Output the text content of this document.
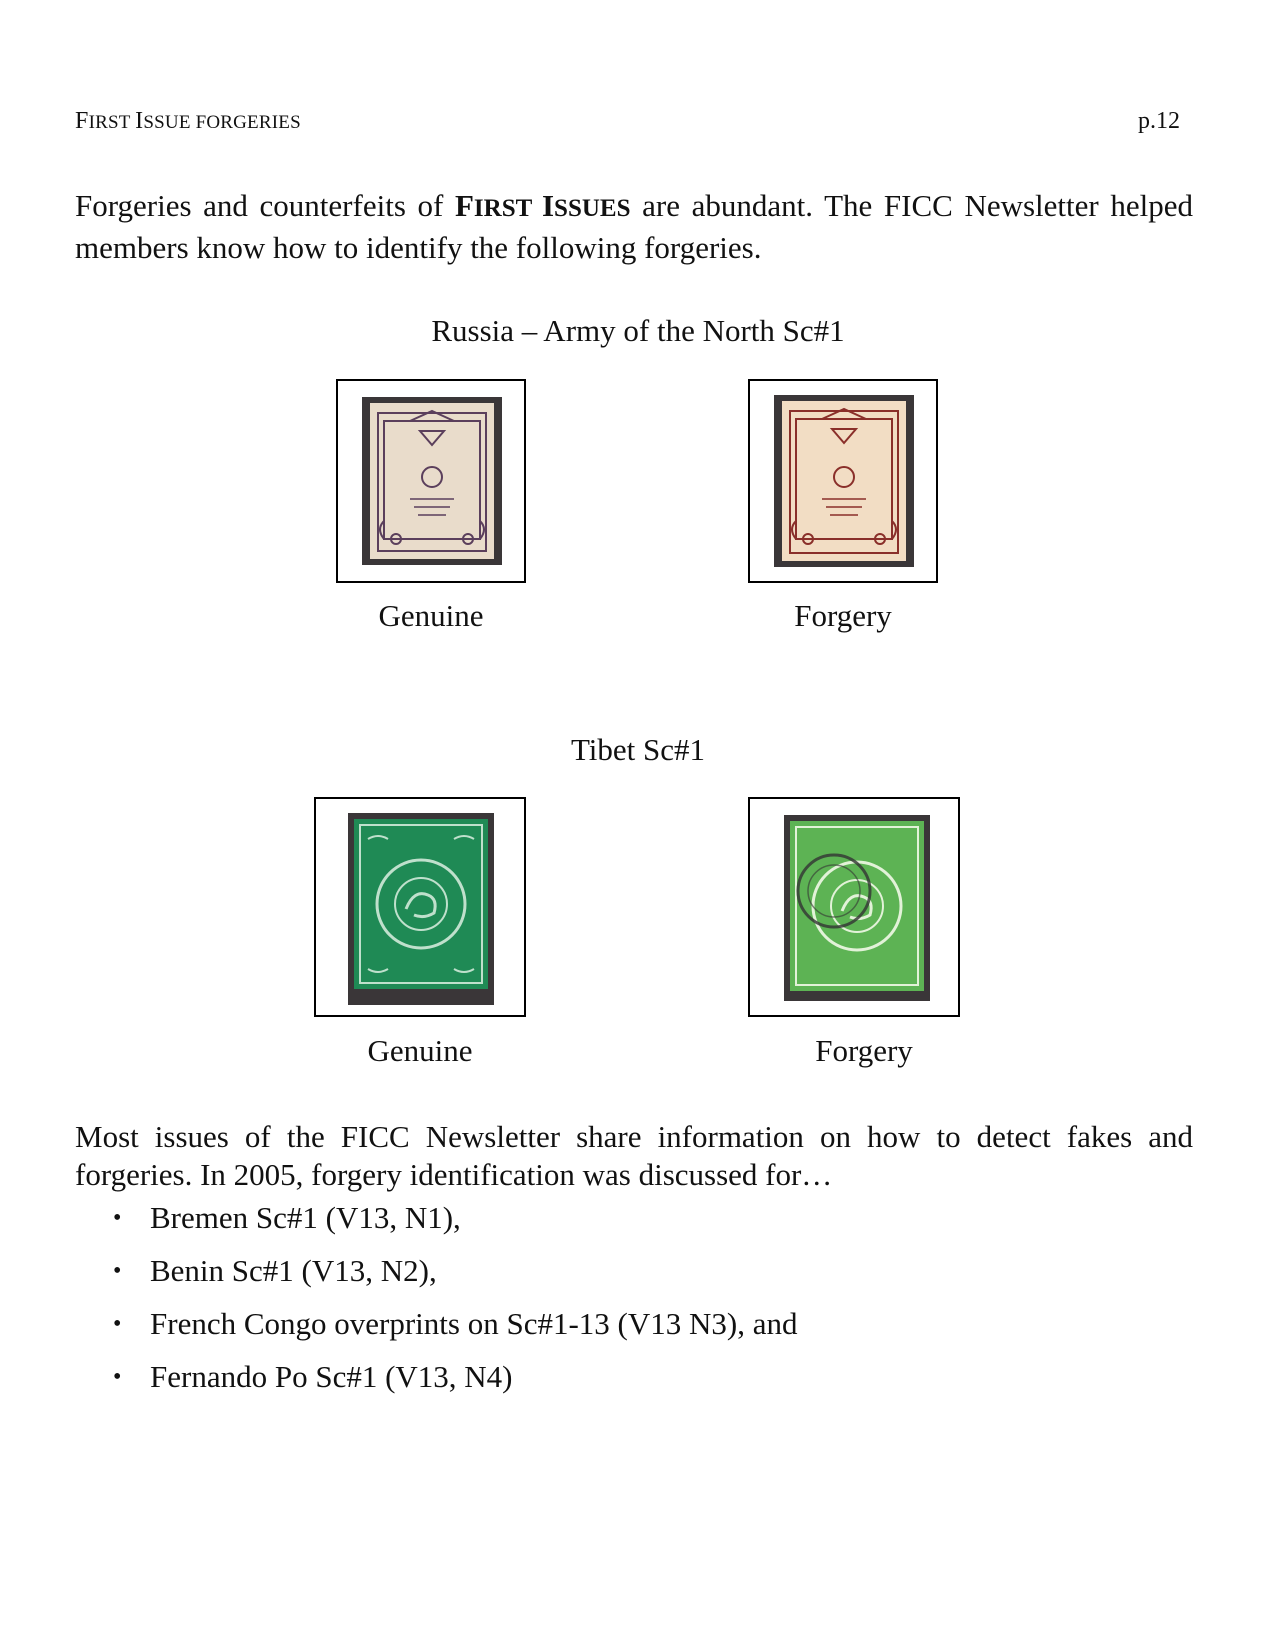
FIRST ISSUE FORGERIES	p.12

Forgeries and counterfeits of FIRST ISSUES are abundant. The FICC Newsletter helped members know how to identify the following forgeries.

Russia – Army of the North Sc#1
Genuine	Forgery
Tibet Sc#1
Genuine	Forgery

Most issues of the FICC Newsletter share information on how to detect fakes and forgeries. In 2005, forgery identification was discussed for…

• Bremen Sc#1 (V13, N1),
• Benin Sc#1 (V13, N2),
• French Congo overprints on Sc#1-13 (V13 N3), and
• Fernando Po Sc#1 (V13, N4)
